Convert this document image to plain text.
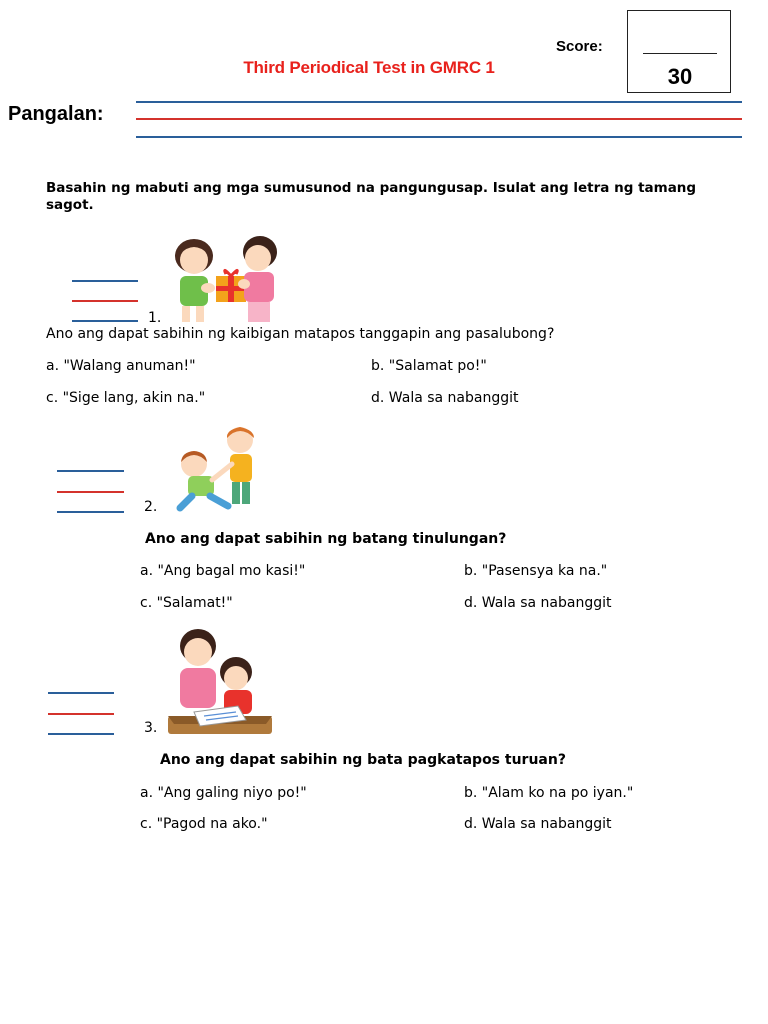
Third Periodical Test in GMRC 1
Score:
30
Pangalan:
Basahin ng mabuti ang mga sumusunod na pangungusap. Isulat ang letra ng tamang sagot.
1.
Ano ang dapat sabihin ng kaibigan matapos tanggapin ang pasalubong?
a. "Walang anuman!"	b. "Salamat po!"
c. "Sige lang, akin na."	d. Wala sa nabanggit
2.
Ano ang dapat sabihin ng batang tinulungan?
a. "Ang bagal mo kasi!"	b. "Pasensya ka na."
c. "Salamat!"	d. Wala sa nabanggit
3.
Ano ang dapat sabihin ng bata pagkatapos turuan?
a. "Ang galing niyo po!"	b. "Alam ko na po iyan."
c. "Pagod na ako."	d. Wala sa nabanggit
